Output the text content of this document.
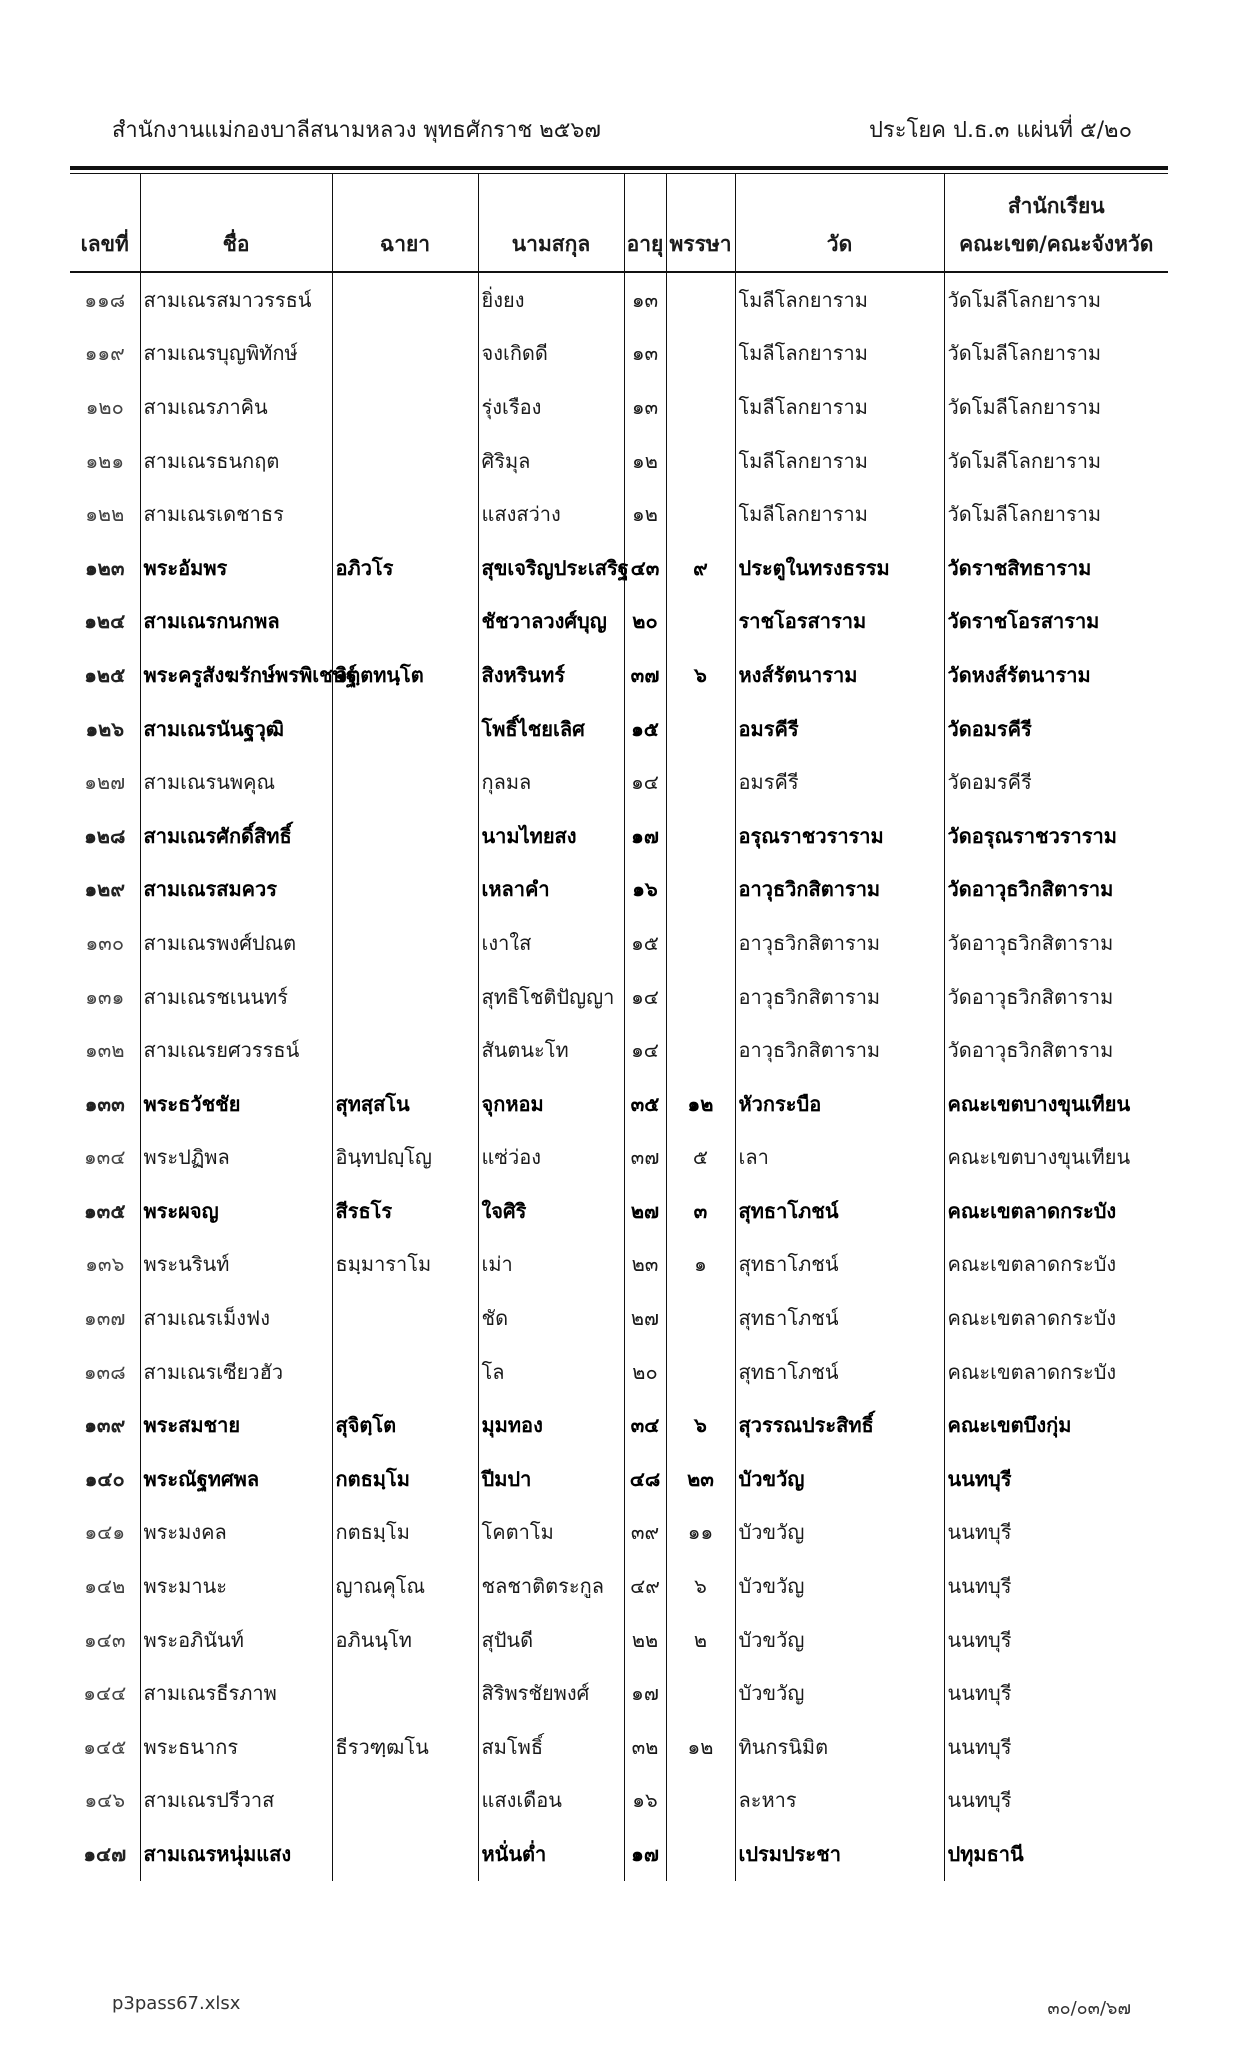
สำนักงานแม่กองบาลีสนามหลวง พุทธศักราช ๒๕๖๗	ประโยค ป.ธ.๓ แผ่นที่ ๕/๒๐
เลขที่	ชื่อ	ฉายา	นามสกุล	อายุ	พรรษา	วัด	สำนักเรียน
คณะเขต/คณะจังหวัด

๑๑๘	สามเณรสมาวรรธน์		ยิ่งยง	๑๓		โมลีโลกยาราม	วัดโมลีโลกยาราม
๑๑๙	สามเณรบุญพิทักษ์		จงเกิดดี	๑๓		โมลีโลกยาราม	วัดโมลีโลกยาราม
๑๒๐	สามเณรภาคิน		รุ่งเรือง	๑๓		โมลีโลกยาราม	วัดโมลีโลกยาราม
๑๒๑	สามเณรธนกฤต		ศิริมุล	๑๒		โมลีโลกยาราม	วัดโมลีโลกยาราม
๑๒๒	สามเณรเดชาธร		แสงสว่าง	๑๒		โมลีโลกยาราม	วัดโมลีโลกยาราม
๑๒๓	พระอัมพร	อภิวโร	สุขเจริญประเสริฐ	๔๓	๙	ประตูในทรงธรรม	วัดราชสิทธาราม
๑๒๔	สามเณรกนกพล		ชัชวาลวงศ์บุญ	๒๐		ราชโอรสาราม	วัดราชโอรสาราม
๑๒๕	พระครูสังฆรักษ์พรพิเชษฐ์	จิตฺตทนฺโต	สิงหรินทร์	๓๗	๖	หงส์รัตนาราม	วัดหงส์รัตนาราม
๑๒๖	สามเณรนันฐวุฒิ		โพธิ์ไชยเลิศ	๑๕		อมรคีรี	วัดอมรคีรี
๑๒๗	สามเณรนพคุณ		กุลมล	๑๔		อมรคีรี	วัดอมรคีรี
๑๒๘	สามเณรศักดิ์สิทธิ์		นามไทยสง	๑๗		อรุณราชวราราม	วัดอรุณราชวราราม
๑๒๙	สามเณรสมควร		เหลาคำ	๑๖		อาวุธวิกสิตาราม	วัดอาวุธวิกสิตาราม
๑๓๐	สามเณรพงศ์ปณต		เงาใส	๑๕		อาวุธวิกสิตาราม	วัดอาวุธวิกสิตาราม
๑๓๑	สามเณรชเนนทร์		สุทธิโชติปัญญา	๑๔		อาวุธวิกสิตาราม	วัดอาวุธวิกสิตาราม
๑๓๒	สามเณรยศวรรธน์		สันตนะโท	๑๔		อาวุธวิกสิตาราม	วัดอาวุธวิกสิตาราม
๑๓๓	พระธวัชชัย	สุทสฺสโน	จุกหอม	๓๕	๑๒	หัวกระบือ	คณะเขตบางขุนเทียน
๑๓๔	พระปฏิพล	อินฺทปญฺโญ	แซ่ว่อง	๓๗	๕	เลา	คณะเขตบางขุนเทียน
๑๓๕	พระผจญ	สีรธโร	ใจศิริ	๒๗	๓	สุทธาโภชน์	คณะเขตลาดกระบัง
๑๓๖	พระนรินท์	ธมฺมาราโม	เม่า	๒๓	๑	สุทธาโภชน์	คณะเขตลาดกระบัง
๑๓๗	สามเณรเม็งฟง		ชัด	๒๗		สุทธาโภชน์	คณะเขตลาดกระบัง
๑๓๘	สามเณรเซียวฮัว		โล	๒๐		สุทธาโภชน์	คณะเขตลาดกระบัง
๑๓๙	พระสมชาย	สุจิตฺโต	มุมทอง	๓๔	๖	สุวรรณประสิทธิ์	คณะเขตบึงกุ่ม
๑๔๐	พระณัฐทศพล	กตธมฺโม	ปีมปา	๔๘	๒๓	บัวขวัญ	นนทบุรี
๑๔๑	พระมงคล	กตธมฺโม	โคตาโม	๓๙	๑๑	บัวขวัญ	นนทบุรี
๑๔๒	พระมานะ	ญาณคุโณ	ชลชาติตระกูล	๔๙	๖	บัวขวัญ	นนทบุรี
๑๔๓	พระอภินันท์	อภินนฺโท	สุปันดี	๒๒	๒	บัวขวัญ	นนทบุรี
๑๔๔	สามเณรธีรภาพ		สิริพรชัยพงศ์	๑๗		บัวขวัญ	นนทบุรี
๑๔๕	พระธนากร	ธีรวฑฺฒโน	สมโพธิ์	๓๒	๑๒	ทินกรนิมิต	นนทบุรี
๑๔๖	สามเณรปรีวาส		แสงเดือน	๑๖		ละหาร	นนทบุรี
๑๔๗	สามเณรหนุ่มแสง		หนั่นต่ำ	๑๗		เปรมประชา	ปทุมธานี
p3pass67.xlsx	๓๐/๐๓/๖๗
